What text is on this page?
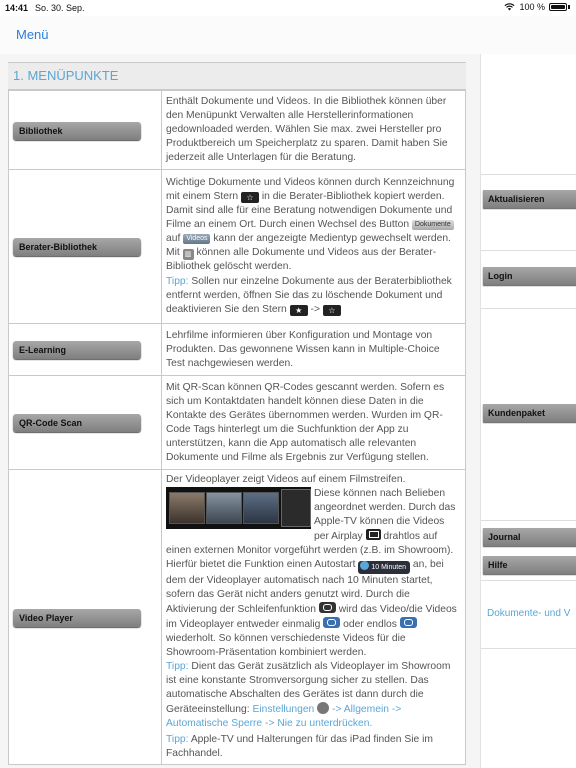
14:41 So. 30. Sep.	100 %
Menü
1. MENÜPUNKTE
Bibliothek	Enthält Dokumente und Videos. In die Bibliothek können über den Menüpunkt Verwalten alle Herstellerinformationen gedownloaded werden. Wählen Sie max. zwei Hersteller pro Produktbereich um Speicherplatz zu sparen. Damit haben Sie jederzeit alle Unterlagen für die Beratung.
Berater-Bibliothek	Wichtige Dokumente und Videos können durch Kennzeichnung mit einem Stern ☆ in die Berater-Bibliothek kopiert werden. Damit sind alle für eine Beratung notwendigen Dokumente und Filme an einem Ort. Durch einen Wechsel des Button Dokumente auf Videos kann der angezeigte Medientyp gewechselt werden. Mit ▥ können alle Dokumente und Videos aus der Berater-Bibliothek gelöscht werden.
Tipp: Sollen nur einzelne Dokumente aus der Beraterbibliothek entfernt werden, öffnen Sie das zu löschende Dokument und deaktivieren Sie den Stern ★ -> ☆

E-Learning	Lehrfilme informieren über Konfiguration und Montage von Produkten. Das gewonnene Wissen kann in Multiple-Choice Test nachgewiesen werden.
QR-Code Scan	Mit QR-Scan können QR-Codes gescannt werden. Sofern es sich um Kontaktdaten handelt können diese Daten in die Kontakte des Gerätes übernommen werden. Wurden im QR-Code Tags hinterlegt um die Suchfunktion der App zu unterstützen, kann die App automatisch alle relevanten Dokumente und Filme als Ergebnis zur Verfügung stellen.
Video Player	Der Videoplayer zeigt Videos auf einem Filmstreifen.
Diese können nach Belieben angeordnet werden. Durch das Apple-TV können die Videos per Airplay drahtlos auf einen externen Monitor vorgeführt werden (z.B. im Showroom). Hierfür bietet die Funktion einen Autostart 10 Minuten an, bei dem der Videoplayer automatisch nach 10 Minuten startet, sofern das Gerät nicht anders genutzt wird. Durch die Aktivierung der Schleifenfunktion wird das Video/die Videos im Videoplayer entweder einmalig oder endlos  wiederholt. So können verschiedenste Videos für die Showroom-Präsentation kombiniert werden.
Tipp: Dient das Gerät zusätzlich als Videoplayer im Showroom ist eine konstante Stromversorgung sicher zu stellen. Das automatische Abschalten des Gerätes ist dann durch die Geräteeinstellung: Einstellungen -> Allgemein -> Automatische Sperre -> Nie zu unterdrücken.
Tipp: Apple-TV und Halterungen für das iPad finden Sie im Fachhandel.
Aktualisieren
Login
Kundenpaket
Journal
Hilfe
Dokumente- und V
